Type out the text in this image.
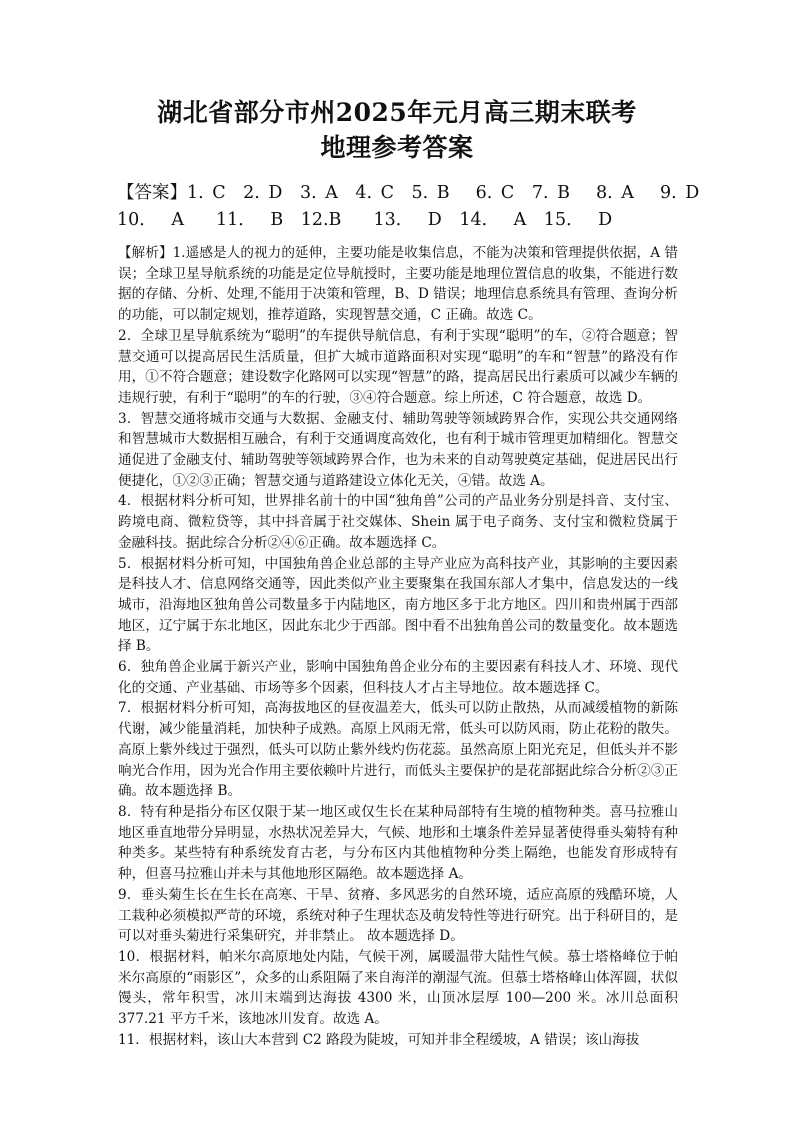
湖北省部分市州2025年元月高三期末联考
地理参考答案
【答案】1. C　2. D　3. A　4. C　5. B　 6. C　7. B　 8. A　 9. D
10． A　 11． B　12.B　 13． D　14． A　15． D

【解析】1.遥感是人的视力的延伸，主要功能是收集信息，不能为决策和管理提供依据，A 错误；全球卫星导航系统的功能是定位导航授时，主要功能是地理位置信息的收集，不能进行数据的存储、分析、处理,不能用于决策和管理，B、D 错误；地理信息系统具有管理、查询分析的功能，可以制定规划，推荐道路，实现智慧交通，C 正确。故选 C。

2．全球卫星导航系统为“聪明”的车提供导航信息，有利于实现“聪明”的车，②符合题意；智慧交通可以提高居民生活质量，但扩大城市道路面积对实现“聪明”的车和“智慧”的路没有作用，①不符合题意；建设数字化路网可以实现“智慧”的路，提高居民出行素质可以减少车辆的违规行驶，有利于“聪明”的车的行驶，③④符合题意。综上所述，C 符合题意，故选 D。

3．智慧交通将城市交通与大数据、金融支付、辅助驾驶等领域跨界合作，实现公共交通网络和智慧城市大数据相互融合，有利于交通调度高效化，也有利于城市管理更加精细化。智慧交通促进了金融支付、辅助驾驶等领域跨界合作，也为未来的自动驾驶奠定基础，促进居民出行便捷化，①②③正确；智慧交通与道路建设立体化无关，④错。故选 A。

4．根据材料分析可知，世界排名前十的中国“独角兽”公司的产品业务分别是抖音、支付宝、跨境电商、微粒贷等，其中抖音属于社交媒体、Shein 属于电子商务、支付宝和微粒贷属于金融科技。据此综合分析②④⑥正确。故本题选择 C。

5．根据材料分析可知，中国独角兽企业总部的主导产业应为高科技产业，其影响的主要因素是科技人才、信息网络交通等，因此类似产业主要聚集在我国东部人才集中，信息发达的一线城市，沿海地区独角兽公司数量多于内陆地区，南方地区多于北方地区。四川和贵州属于西部地区，辽宁属于东北地区，因此东北少于西部。图中看不出独角兽公司的数量变化。故本题选择 B。

6．独角兽企业属于新兴产业，影响中国独角兽企业分布的主要因素有科技人才、环境、现代化的交通、产业基础、市场等多个因素，但科技人才占主导地位。故本题选择 C。

7．根据材料分析可知，高海拔地区的昼夜温差大，低头可以防止散热，从而减缓植物的新陈代谢，减少能量消耗，加快种子成熟。高原上风雨无常，低头可以防风雨，防止花粉的散失。高原上紫外线过于强烈，低头可以防止紫外线灼伤花蕊。虽然高原上阳光充足，但低头并不影响光合作用，因为光合作用主要依赖叶片进行，而低头主要保护的是花部据此综合分析②③正确。故本题选择 B。

8．特有种是指分布区仅限于某一地区或仅生长在某种局部特有生境的植物种类。喜马拉雅山地区垂直地带分异明显，水热状况差异大，气候、地形和土壤条件差异显著使得垂头菊特有种种类多。某些特有种系统发育古老，与分布区内其他植物种分类上隔绝，也能发育形成特有种，但喜马拉雅山并未与其他地形区隔绝。故本题选择 A。

9．垂头菊生长在生长在高寒、干旱、贫瘠、多风恶劣的自然环境，适应高原的残酷环境，人工栽种必须模拟严苛的环境，系统对种子生理状态及萌发特性等进行研究。出于科研目的，是可以对垂头菊进行采集研究，并非禁止。 故本题选择 D。

10．根据材料，帕米尔高原地处内陆，气候干冽，属暖温带大陆性气候。慕士塔格峰位于帕米尔高原的“雨影区”，众多的山系阻隔了来自海洋的潮湿气流。但慕士塔格峰山体浑圆，状似馒头，常年积雪，冰川末端到达海拔 4300 米，山顶冰层厚 100—200 米。冰川总面积 377.21 平方千米，该地冰川发育。故选 A。

11．根据材料，该山大本营到 C2 路段为陡坡，可知并非全程缓坡，A 错误；该山海拔
